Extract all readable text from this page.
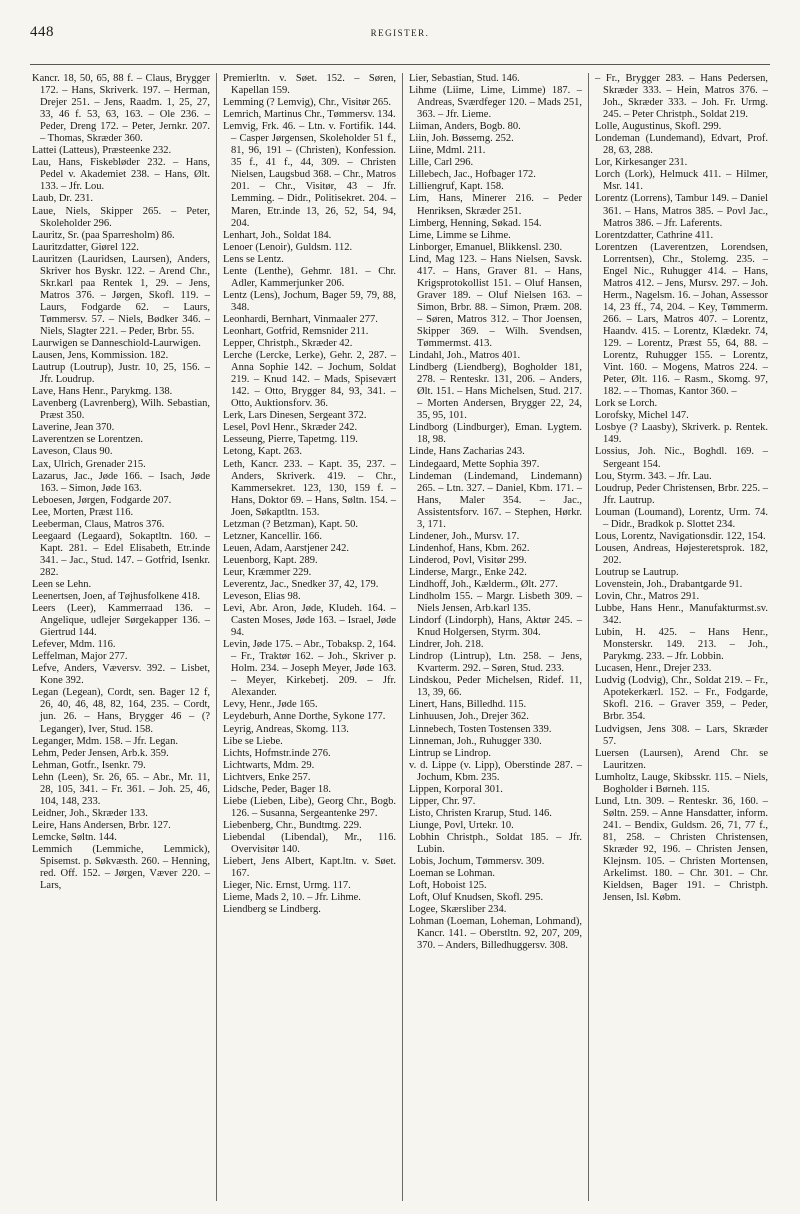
448	REGISTER.

Kancr. 18, 50, 65, 88 f. – Claus, Brygger 172. – Hans, Skriverk. 197. – Herman, Drejer 251. – Jens, Raadm. 1, 25, 27, 33, 46 f. 53, 63, 163. – Ole 236. – Peder, Dreng 172. – Peter, Jernkr. 207. – Thomas, Skræder 360.

Lattei (Latteus), Præsteenke 232.

Lau, Hans, Fiskebløder 232. – Hans, Pedel v. Akademiet 238. – Hans, Ølt. 133. – Jfr. Lou.

Laub, Dr. 231.

Laue, Niels, Skipper 265. – Peter, Skoleholder 296.

Lauritz, Sr. (paa Sparresholm) 86.

Lauritzdatter, Giørel 122.

Lauritzen (Lauridsen, Laursen), Anders, Skriver hos Byskr. 122. – Arend Chr., Skr.karl paa Rentek 1, 29. – Jens, Matros 376. – Jørgen, Skofl. 119. – Laurs, Fodgarde 62. – Laurs, Tømmersv. 57. – Niels, Bødker 346. – Niels, Slagter 221. – Peder, Brbr. 55.

Laurwigen se Danneschiold-Laurwigen.

Lausen, Jens, Kommission. 182.

Lautrup (Loutrup), Justr. 10, 25, 156. – Jfr. Loudrup.

Lave, Hans Henr., Parykmg. 138.

Lavenberg (Lavrenberg), Wilh. Sebastian, Præst 350.

Laverine, Jean 370.

Laverentzen se Lorentzen.

Laveson, Claus 90.

Lax, Ulrich, Grenader 215.

Lazarus, Jac., Jøde 166. – Isach, Jøde 163. – Simon, Jøde 163.

Leboesen, Jørgen, Fodgarde 207.

Lee, Morten, Præst 116.

Leeberman, Claus, Matros 376.

Leegaard (Legaard), Sokaptltn. 160. – Kapt. 281. – Edel Elisabeth, Etr.inde 341. – Jac., Stud. 147. – Gotfrid, Isenkr. 282.

Leen se Lehn.

Leenertsen, Joen, af Tøjhusfolkene 418.

Leers (Leer), Kammerraad 136. – Angelique, udlejer Sørgekapper 136. – Giertrud 144.

Lefever, Mdm. 116.

Leffelman, Major 277.

Lefve, Anders, Væversv. 392. – Lisbet, Kone 392.

Legan (Legean), Cordt, sen. Bager 12 f, 26, 40, 46, 48, 82, 164, 235. – Cordt, jun. 26. – Hans, Brygger 46 – (? Leganger), Iver, Stud. 158.

Leganger, Mdm. 158. – Jfr. Legan.

Lehm, Peder Jensen, Arb.k. 359.

Lehman, Gotfr., Isenkr. 79.

Lehn (Leen), Sr. 26, 65. – Abr., Mr. 11, 28, 105, 341. – Fr. 361. – Joh. 25, 46, 104, 148, 233.

Leidner, Joh., Skræder 133.

Leire, Hans Andersen, Brbr. 127.

Lemcke, Søltn. 144.

Lemmich (Lemmiche, Lemmick), Spisemst. p. Søkvæsth. 260. – Henning, red. Off. 152. – Jørgen, Væver 220. – Lars,

Premierltn. v. Søet. 152. – Søren, Kapellan 159.

Lemming (? Lemvig), Chr., Visitør 265.

Lemrich, Martinus Chr., Tømmersv. 134.

Lemvig, Frk. 46. – Ltn. v. Fortifik. 144. – Casper Jørgensen, Skoleholder 51 f., 81, 96, 191 – (Christen), Konfession. 35 f., 41 f., 44, 309. – Christen Nielsen, Laugsbud 368. – Chr., Matros 201. – Chr., Visitør, 43 – Jfr. Lemming. – Didr., Politisekret. 204. – Maren, Etr.inde 13, 26, 52, 54, 94, 204.

Lenhart, Joh., Soldat 184.

Lenoer (Lenoir), Guldsm. 112.

Lens se Lentz.

Lente (Lenthe), Gehmr. 181. – Chr. Adler, Kammerjunker 206.

Lentz (Lens), Jochum, Bager 59, 79, 88, 348.

Leonhardi, Bernhart, Vinmaaler 277.

Leonhart, Gotfrid, Remsnider 211.

Lepper, Christph., Skræder 42.

Lerche (Lercke, Lerke), Gehr. 2, 287. – Anna Sophie 142. – Jochum, Soldat 219. – Knud 142. – Mads, Spisevært 142. – Otto, Brygger 84, 93, 341. – Otto, Auktionsforv. 36.

Lerk, Lars Dinesen, Sergeant 372.

Lesel, Povl Henr., Skræder 242.

Lesseung, Pierre, Tapetmg. 119.

Letong, Kapt. 263.

Leth, Kancr. 233. – Kapt. 35, 237. – Anders, Skriverk. 419. – Chr., Kammersekret. 123, 130, 159 f. – Hans, Doktor 69. – Hans, Søltn. 154. – Joen, Søkaptltn. 153.

Letzman (? Betzman), Kapt. 50.

Letzner, Kancellir. 166.

Leuen, Adam, Aarstjener 242.

Leuenborg, Kapt. 289.

Leur, Kræmmer 229.

Leverentz, Jac., Snedker 37, 42, 179.

Leveson, Elias 98.

Levi, Abr. Aron, Jøde, Kludeh. 164. – Casten Moses, Jøde 163. – Israel, Jøde 94.

Levin, Jøde 175. – Abr., Tobaksp. 2, 164. – Fr., Traktør 162. – Joh., Skriver p. Holm. 234. – Joseph Meyer, Jøde 163. – Meyer, Kirkebetj. 209. – Jfr. Alexander.

Levy, Henr., Jøde 165.

Leydeburh, Anne Dorthe, Sykone 177.

Leyrig, Andreas, Skomg. 113.

Libe se Liebe.

Lichts, Hofmstr.inde 276.

Lichtwarts, Mdm. 29.

Lichtvers, Enke 257.

Lidsche, Peder, Bager 18.

Liebe (Lieben, Libe), Georg Chr., Bogb. 126. – Susanna, Sergeantenke 297.

Liebenberg, Chr., Bundtmg. 229.

Liebendal (Libendal), Mr., 116. Overvisitør 140.

Liebert, Jens Albert, Kapt.ltn. v. Søet. 167.

Lieger, Nic. Ernst, Urmg. 117.

Lieme, Mads 2, 10. – Jfr. Lihme.

Liendberg se Lindberg.

Lier, Sebastian, Stud. 146.

Lihme (Liime, Lime, Limme) 187. – Andreas, Sværdfeger 120. – Mads 251, 363. – Jfr. Lieme.

Liiman, Anders, Bogb. 80.

Liin, Joh. Bøssemg. 252.

Liine, Mdml. 211.

Lille, Carl 296.

Lillebech, Jac., Hofbager 172.

Lilliengruf, Kapt. 158.

Lim, Hans, Minerer 216. – Peder Henriksen, Skræder 251.

Limberg, Henning, Søkad. 154.

Lime, Limme se Lihme.

Linborger, Emanuel, Blikkensl. 230.

Lind, Mag 123. – Hans Nielsen, Savsk. 417. – Hans, Graver 81. – Hans, Krigsprotokollist 151. – Oluf Hansen, Graver 189. – Oluf Nielsen 163. – Simon, Brbr. 88. – Simon, Præm. 208. – Søren, Matros 312. – Thor Joensen, Skipper 369. – Wilh. Svendsen, Tømmermst. 413.

Lindahl, Joh., Matros 401.

Lindberg (Liendberg), Bogholder 181, 278. – Renteskr. 131, 206. – Anders, Ølt. 151. – Hans Michelsen, Stud. 217. – Morten Andersen, Brygger 22, 24, 35, 95, 101.

Lindborg (Lindburger), Eman. Lygtem. 18, 98.

Linde, Hans Zacharias 243.

Lindegaard, Mette Sophia 397.

Lindeman (Lindemand, Lindemann) 265. – Ltn. 327. – Daniel, Kbm. 171. – Hans, Maler 354. – Jac., Assistentsforv. 167. – Stephen, Hørkr. 3, 171.

Lindener, Joh., Mursv. 17.

Lindenhof, Hans, Kbm. 262.

Linderod, Povl, Visitør 299.

Linderse, Margr., Enke 242.

Lindhoff, Joh., Kælderm., Ølt. 277.

Lindholm 155. – Margr. Lisbeth 309. – Niels Jensen, Arb.karl 135.

Lindorf (Lindorph), Hans, Aktør 245. – Knud Holgersen, Styrm. 304.

Lindrer, Joh. 218.

Lindrop (Lintrup), Ltn. 258. – Jens, Kvarterm. 292. – Søren, Stud. 233.

Lindskou, Peder Michelsen, Ridef. 11, 13, 39, 66.

Linert, Hans, Billedhd. 115.

Linhuusen, Joh., Drejer 362.

Linnebech, Tosten Tostensen 339.

Linneman, Joh., Ruhugger 330.

Lintrup se Lindrop.

v. d. Lippe (v. Lipp), Oberstinde 287. – Jochum, Kbm. 235.

Lippen, Korporal 301.

Lipper, Chr. 97.

Listo, Christen Krarup, Stud. 146.

Liunge, Povl, Urtekr. 10.

Lobhin Christph., Soldat 185. – Jfr. Lubin.

Lobis, Jochum, Tømmersv. 309.

Loeman se Lohman.

Loft, Hoboist 125.

Loft, Oluf Knudsen, Skofl. 295.

Logee, Skærsliber 234.

Lohman (Loeman, Loheman, Lohmand), Kancr. 141. – Oberstltn. 92, 207, 209, 370. – Anders, Billedhuggersv. 308.

– Fr., Brygger 283. – Hans Pedersen, Skræder 333. – Hein, Matros 376. – Joh., Skræder 333. – Joh. Fr. Urmg. 245. – Peter Christph., Soldat 219.

Lolle, Augustinus, Skofl. 299.

Londeman (Lundemand), Edvart, Prof. 28, 63, 288.

Lor, Kirkesanger 231.

Lorch (Lork), Helmuck 411. – Hilmer, Msr. 141.

Lorentz (Lorrens), Tambur 149. – Daniel 361. – Hans, Matros 385. – Povl Jac., Matros 386. – Jfr. Laferents.

Lorentzdatter, Cathrine 411.

Lorentzen (Laverentzen, Lorendsen, Lorrentsen), Chr., Stolemg. 235. – Engel Nic., Ruhugger 414. – Hans, Matros 412. – Jens, Mursv. 297. – Joh. Herm., Nagelsm. 16. – Johan, Assessor 14, 23 ff., 74, 204. – Key, Tømmerm. 266. – Lars, Matros 407. – Lorentz, Haandv. 415. – Lorentz, Klædekr. 74, 129. – Lorentz, Præst 55, 64, 88. – Lorentz, Ruhugger 155. – Lorentz, Vint. 160. – Mogens, Matros 224. – Peter, Ølt. 116. – Rasm., Skomg. 97, 182. – – Thomas, Kantor 360. –

Lork se Lorch.

Lorofsky, Michel 147.

Losbye (? Laasby), Skriverk. p. Rentek. 149.

Lossius, Joh. Nic., Boghdl. 169. – Sergeant 154.

Lou, Styrm. 343. – Jfr. Lau.

Loudrup, Peder Christensen, Brbr. 225. – Jfr. Lautrup.

Louman (Loumand), Lorentz, Urm. 74. – Didr., Bradkok p. Slottet 234.

Lous, Lorentz, Navigationsdir. 122, 154.

Lousen, Andreas, Højesteretsprok. 182, 202.

Loutrup se Lautrup.

Lovenstein, Joh., Drabantgarde 91.

Lovin, Chr., Matros 291.

Lubbe, Hans Henr., Manufakturmst.sv. 342.

Lubin, H. 425. – Hans Henr., Monsterskr. 149. 213. – Joh., Parykmg. 233. – Jfr. Lobbin.

Lucasen, Henr., Drejer 233.

Ludvig (Lodvig), Chr., Soldat 219. – Fr., Apotekerkærl. 152. – Fr., Fodgarde, Skofl. 216. – Graver 359, – Peder, Brbr. 354.

Ludvigsen, Jens 308. – Lars, Skræder 57.

Luersen (Laursen), Arend Chr. se Lauritzen.

Lumholtz, Lauge, Skibsskr. 115. – Niels, Bogholder i Børneh. 115.

Lund, Ltn. 309. – Renteskr. 36, 160. – Søltn. 259. – Anne Hansdatter, inform. 241. – Bendix, Guldsm. 26, 71, 77 f., 81, 258. – Christen Christensen, Skræder 92, 196. – Christen Jensen, Klejnsm. 105. – Christen Mortensen, Arkelimst. 180. – Chr. 301. – Chr. Kieldsen, Bager 191. – Christph. Jensen, Isl. Købm.
